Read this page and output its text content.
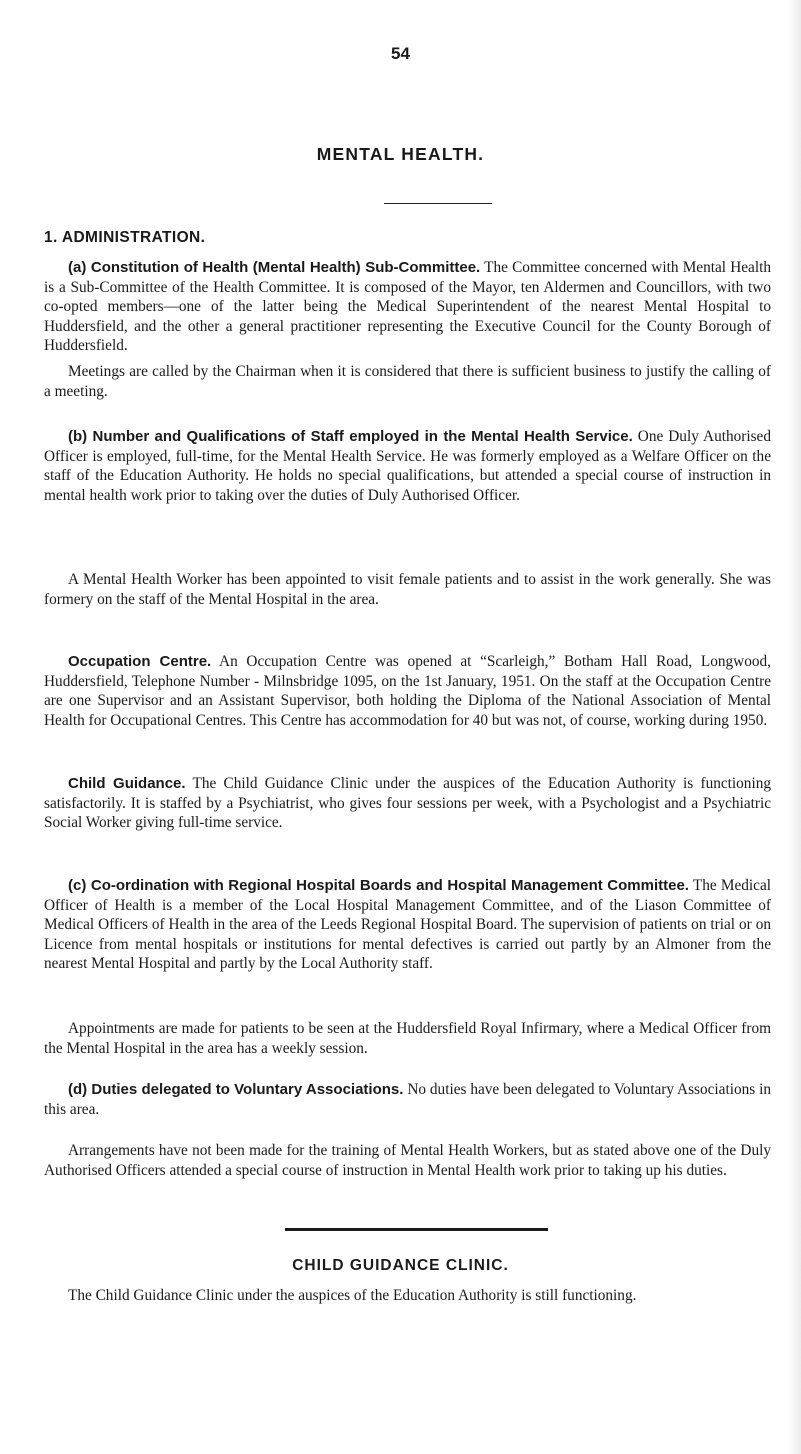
54

MENTAL HEALTH.
1. ADMINISTRATION.

(a) Constitution of Health (Mental Health) Sub-Committee. The Committee concerned with Mental Health is a Sub-Committee of the Health Committee. It is composed of the Mayor, ten Aldermen and Councillors, with two co-opted members—one of the latter being the Medical Superintendent of the nearest Mental Hospital to Huddersfield, and the other a general practitioner representing the Executive Council for the County Borough of Huddersfield.

Meetings are called by the Chairman when it is considered that there is sufficient business to justify the calling of a meeting.

(b) Number and Qualifications of Staff employed in the Mental Health Service. One Duly Authorised Officer is employed, full-time, for the Mental Health Service. He was formerly employed as a Welfare Officer on the staff of the Education Authority. He holds no special qualifications, but attended a special course of instruction in mental health work prior to taking over the duties of Duly Authorised Officer.

A Mental Health Worker has been appointed to visit female patients and to assist in the work generally. She was formery on the staff of the Mental Hospital in the area.

Occupation Centre. An Occupation Centre was opened at “Scarleigh,” Botham Hall Road, Longwood, Huddersfield, Telephone Number - Milnsbridge 1095, on the 1st January, 1951. On the staff at the Occupation Centre are one Supervisor and an Assistant Supervisor, both holding the Diploma of the National Association of Mental Health for Occupational Centres. This Centre has accommodation for 40 but was not, of course, working during 1950.

Child Guidance. The Child Guidance Clinic under the auspices of the Education Authority is functioning satisfactorily. It is staffed by a Psychiatrist, who gives four sessions per week, with a Psychologist and a Psychiatric Social Worker giving full-time service.

(c) Co-ordination with Regional Hospital Boards and Hospital Management Committee. The Medical Officer of Health is a member of the Local Hospital Management Committee, and of the Liason Committee of Medical Officers of Health in the area of the Leeds Regional Hospital Board. The supervision of patients on trial or on Licence from mental hospitals or institutions for mental defectives is carried out partly by an Almoner from the nearest Mental Hospital and partly by the Local Authority staff.

Appointments are made for patients to be seen at the Huddersfield Royal Infirmary, where a Medical Officer from the Mental Hospital in the area has a weekly session.

(d) Duties delegated to Voluntary Associations. No duties have been delegated to Voluntary Associations in this area.

Arrangements have not been made for the training of Mental Health Workers, but as stated above one of the Duly Authorised Officers attended a special course of instruction in Mental Health work prior to taking up his duties.

CHILD GUIDANCE CLINIC.

The Child Guidance Clinic under the auspices of the Education Authority is still functioning.
